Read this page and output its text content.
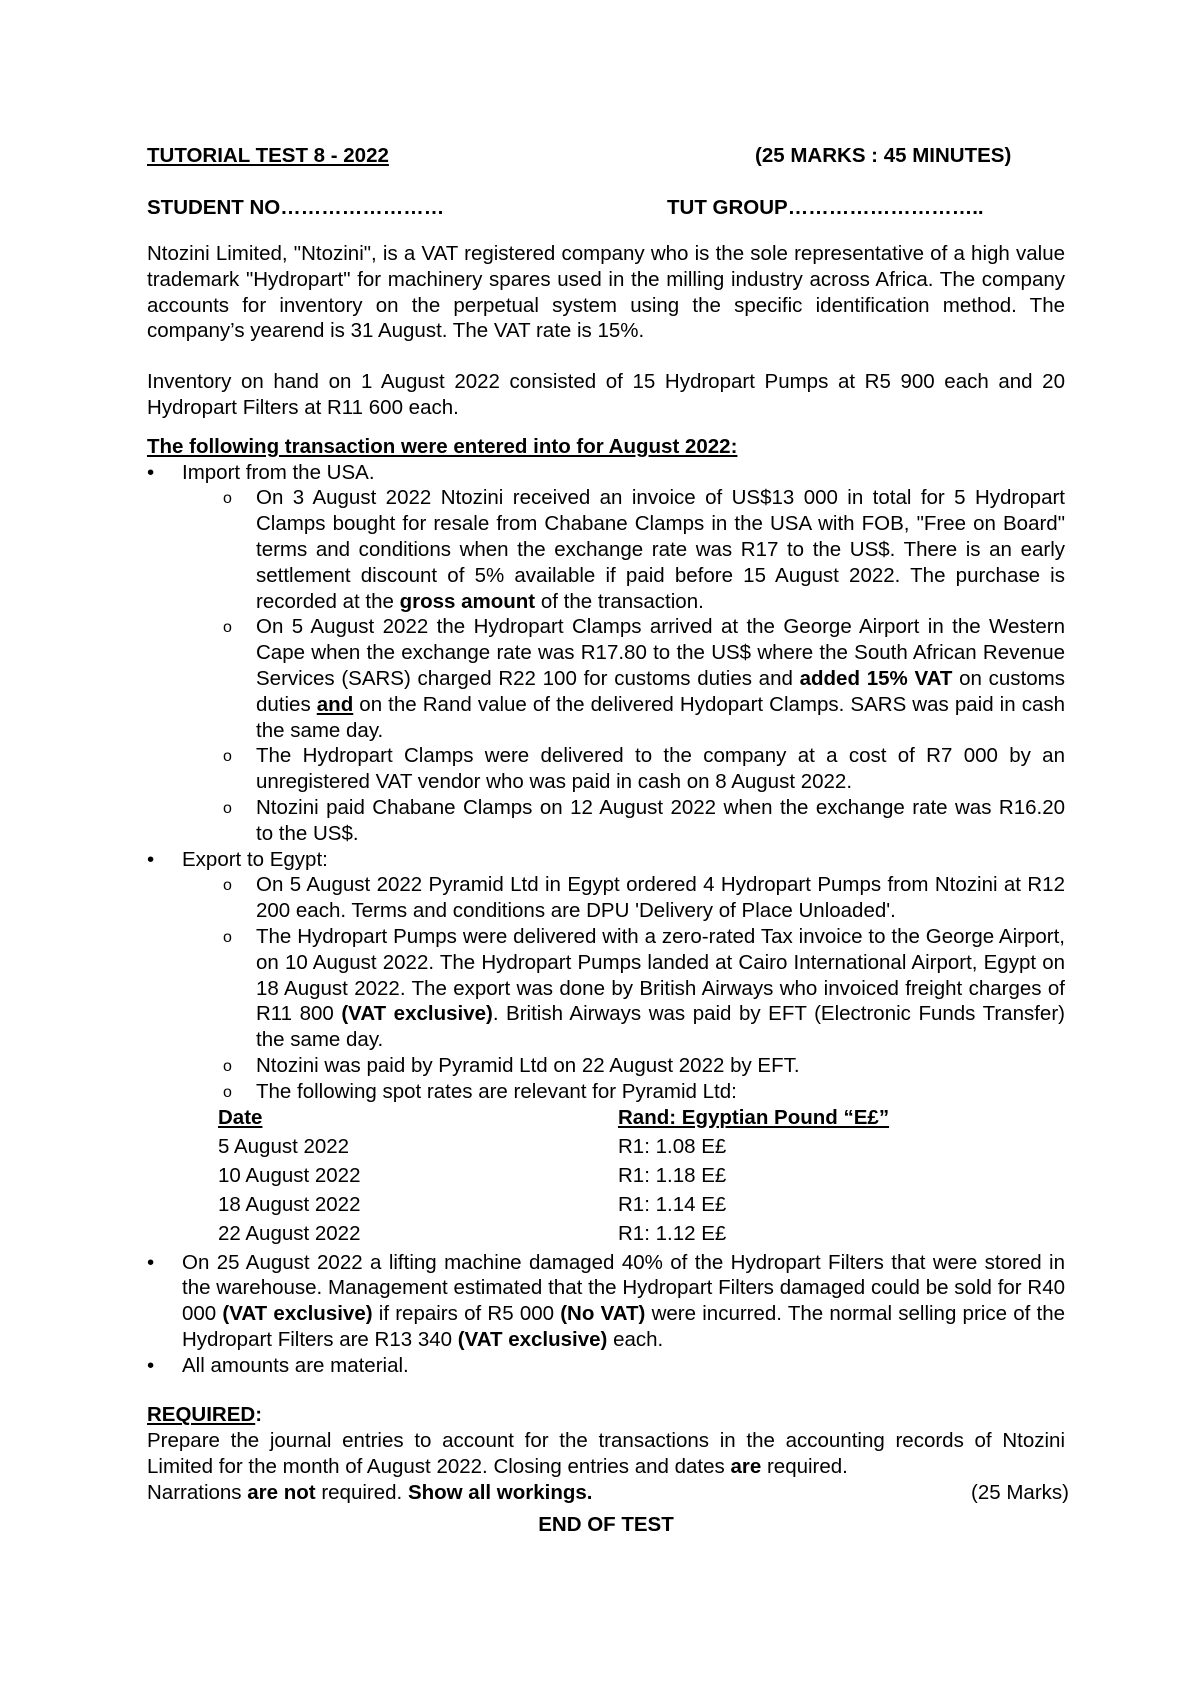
TUTORIAL TEST 8 - 2022	(25 MARKS : 45 MINUTES)
STUDENT NO……………………	TUT GROUP………………………..

Ntozini Limited, "Ntozini", is a VAT registered company who is the sole representative of a high value trademark "Hydropart" for machinery spares used in the milling industry across Africa. The company accounts for inventory on the perpetual system using the specific identification method. The company’s yearend is 31 August. The VAT rate is 15%.

Inventory on hand on 1 August 2022 consisted of 15 Hydropart Pumps at R5 900 each and 20 Hydropart Filters at R11 600 each.

The following transaction were entered into for August 2022:
• Import from the USA.
o On 3 August 2022 Ntozini received an invoice of US$13 000 in total for 5 Hydropart Clamps bought for resale from Chabane Clamps in the USA with FOB, "Free on Board" terms and conditions when the exchange rate was R17 to the US$. There is an early settlement discount of 5% available if paid before 15 August 2022. The purchase is recorded at the gross amount of the transaction.
o On 5 August 2022 the Hydropart Clamps arrived at the George Airport in the Western Cape when the exchange rate was R17.80 to the US$ where the South African Revenue Services (SARS) charged R22 100 for customs duties and added 15% VAT on customs duties and on the Rand value of the delivered Hydopart Clamps. SARS was paid in cash the same day.
o The Hydropart Clamps were delivered to the company at a cost of R7 000 by an unregistered VAT vendor who was paid in cash on 8 August 2022.
o Ntozini paid Chabane Clamps on 12 August 2022 when the exchange rate was R16.20 to the US$.
• Export to Egypt:
o On 5 August 2022 Pyramid Ltd in Egypt ordered 4 Hydropart Pumps from Ntozini at R12 200 each. Terms and conditions are DPU 'Delivery of Place Unloaded'.
o The Hydropart Pumps were delivered with a zero-rated Tax invoice to the George Airport, on 10 August 2022. The Hydropart Pumps landed at Cairo International Airport, Egypt on 18 August 2022. The export was done by British Airways who invoiced freight charges of R11 800 (VAT exclusive). British Airways was paid by EFT (Electronic Funds Transfer) the same day.
o Ntozini was paid by Pyramid Ltd on 22 August 2022 by EFT.
o The following spot rates are relevant for Pyramid Ltd:
Date	Rand: Egyptian Pound “E£”
5 August 2022	R1: 1.08 E£
10 August 2022	R1: 1.18 E£
18 August 2022	R1: 1.14 E£
22 August 2022	R1: 1.12 E£
• On 25 August 2022 a lifting machine damaged 40% of the Hydropart Filters that were stored in the warehouse. Management estimated that the Hydropart Filters damaged could be sold for R40 000 (VAT exclusive) if repairs of R5 000 (No VAT) were incurred. The normal selling price of the Hydropart Filters are R13 340 (VAT exclusive) each.
• All amounts are material.
REQUIRED:

Prepare the journal entries to account for the transactions in the accounting records of Ntozini Limited for the month of August 2022. Closing entries and dates are required.

Narrations are not required. Show all workings.	(25 Marks)
END OF TEST
